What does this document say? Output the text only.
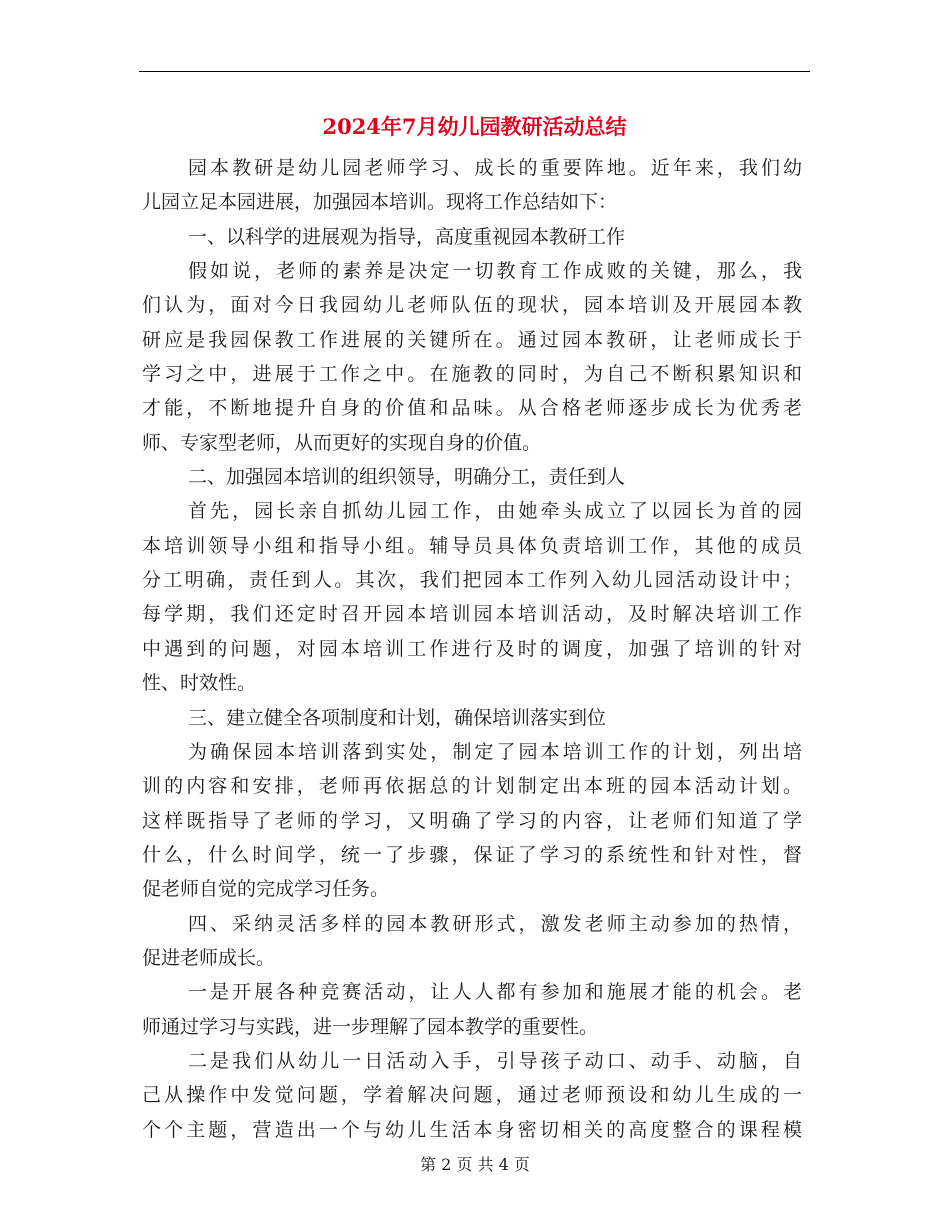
2024年7月幼儿园教研活动总结
园本教研是幼儿园老师学习、成长的重要阵地。近年来，我们幼
儿园立足本园进展，加强园本培训。现将工作总结如下：
一、以科学的进展观为指导，高度重视园本教研工作
假如说，老师的素养是决定一切教育工作成败的关键，那么，我
们认为，面对今日我园幼儿老师队伍的现状，园本培训及开展园本教
研应是我园保教工作进展的关键所在。通过园本教研，让老师成长于
学习之中，进展于工作之中。在施教的同时，为自己不断积累知识和
才能，不断地提升自身的价值和品味。从合格老师逐步成长为优秀老
师、专家型老师，从而更好的实现自身的价值。
二、加强园本培训的组织领导，明确分工，责任到人
首先，园长亲自抓幼儿园工作，由她牵头成立了以园长为首的园
本培训领导小组和指导小组。辅导员具体负责培训工作，其他的成员
分工明确，责任到人。其次，我们把园本工作列入幼儿园活动设计中；
每学期，我们还定时召开园本培训园本培训活动，及时解决培训工作
中遇到的问题，对园本培训工作进行及时的调度，加强了培训的针对
性、时效性。
三、建立健全各项制度和计划，确保培训落实到位
为确保园本培训落到实处，制定了园本培训工作的计划，列出培
训的内容和安排，老师再依据总的计划制定出本班的园本活动计划。
这样既指导了老师的学习，又明确了学习的内容，让老师们知道了学
什么，什么时间学，统一了步骤，保证了学习的系统性和针对性，督
促老师自觉的完成学习任务。
四、采纳灵活多样的园本教研形式，激发老师主动参加的热情，
促进老师成长。
一是开展各种竞赛活动，让人人都有参加和施展才能的机会。老
师通过学习与实践，进一步理解了园本教学的重要性。
二是我们从幼儿一日活动入手，引导孩子动口、动手、动脑，自
己从操作中发觉问题，学着解决问题，通过老师预设和幼儿生成的一
个个主题，营造出一个与幼儿生活本身密切相关的高度整合的课程模
第 2 页 共 4 页
